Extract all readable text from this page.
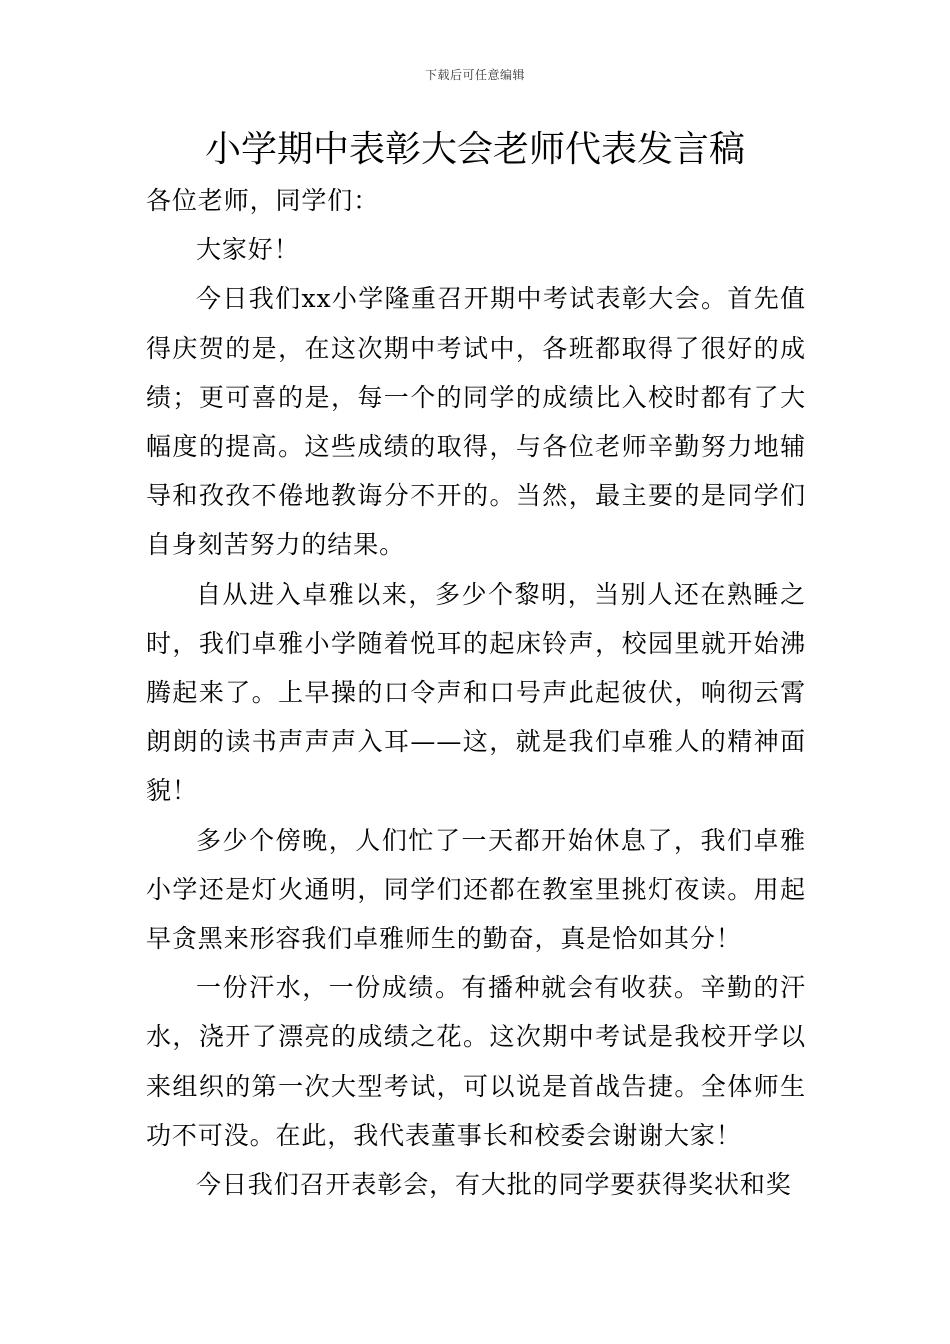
下载后可任意编辑
小学期中表彰大会老师代表发言稿

各位老师，同学们：

大家好！

今日我们xx小学隆重召开期中考试表彰大会。首先值得庆贺的是，在这次期中考试中，各班都取得了很好的成绩；更可喜的是，每一个的同学的成绩比入校时都有了大幅度的提高。这些成绩的取得，与各位老师辛勤努力地辅导和孜孜不倦地教诲分不开的。当然，最主要的是同学们自身刻苦努力的结果。

自从进入卓雅以来，多少个黎明，当别人还在熟睡之时，我们卓雅小学随着悦耳的起床铃声，校园里就开始沸腾起来了。上早操的口令声和口号声此起彼伏，响彻云霄朗朗的读书声声声入耳——这，就是我们卓雅人的精神面貌！

多少个傍晚，人们忙了一天都开始休息了，我们卓雅小学还是灯火通明，同学们还都在教室里挑灯夜读。用起早贪黑来形容我们卓雅师生的勤奋，真是恰如其分！

一份汗水，一份成绩。有播种就会有收获。辛勤的汗水，浇开了漂亮的成绩之花。这次期中考试是我校开学以来组织的第一次大型考试，可以说是首战告捷。全体师生功不可没。在此，我代表董事长和校委会谢谢大家！

今日我们召开表彰会，有大批的同学要获得奖状和奖
